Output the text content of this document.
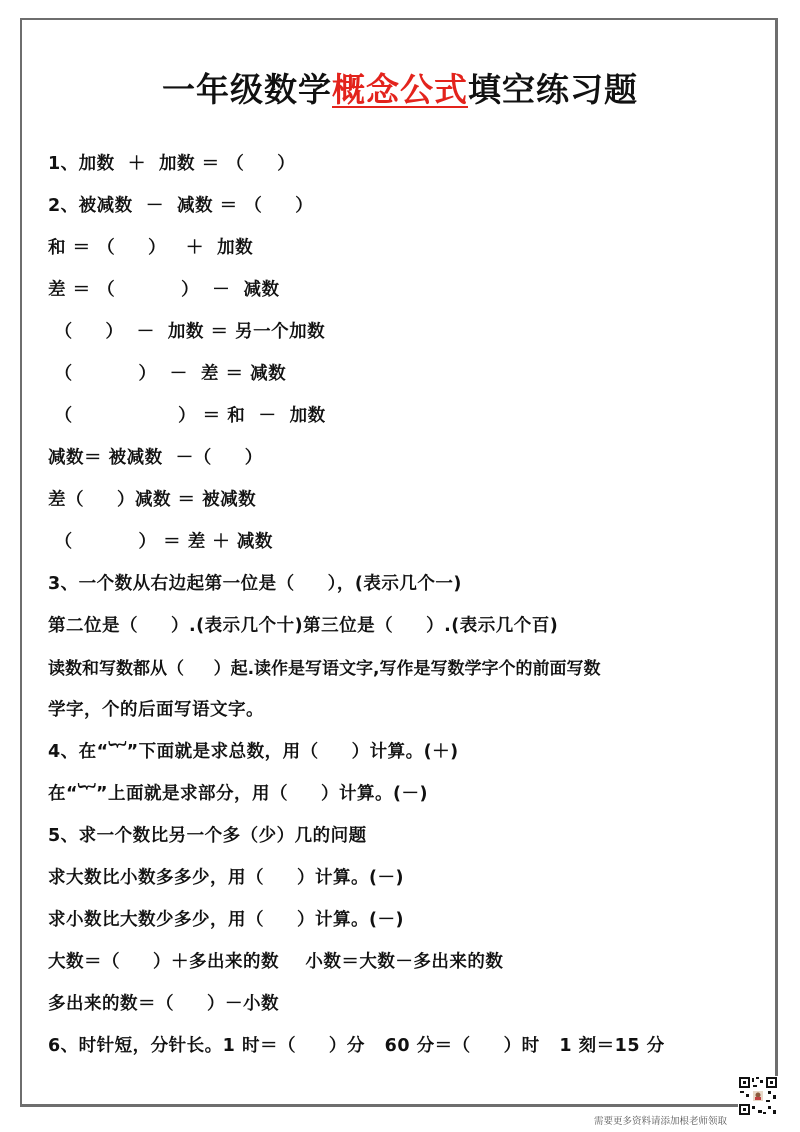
一年级数学概念公式填空练习题
1、加数  ＋  加数 ＝ （     ）
2、被减数  －  减数 ＝ （     ）
和 ＝ （     ）   ＋  加数
差 ＝ （          ）  －  减数
（     ）  －  加数 ＝ 另一个加数
（          ）  －  差 ＝ 减数
（                ） ＝ 和  －  加数
减数＝ 被减数  －（     ）
差（     ）减数 ＝ 被减数
（          ） ＝ 差 ＋ 减数
3、一个数从右边起第一位是（     ），(表示几个一)
第二位是（     ）.(表示几个十)第三位是（     ）.(表示几个百)
读数和写数都从（     ）起.读作是写语文字,写作是写数学字个的前面写数
学字，个的后面写语文字。
4、在“︸”下面就是求总数，用（     ）计算。(＋)
在“︸”上面就是求部分，用（     ）计算。(－)
5、求一个数比另一个多（少）几的问题
求大数比小数多多少，用（     ）计算。(－)
求小数比大数少多少，用（     ）计算。(－)
大数＝（     ）＋多出来的数    小数＝大数－多出来的数
多出来的数＝（     ）－小数
6、时针短，分针长。1 时＝（     ）分   60 分＝（     ）时   1 刻＝15 分
需要更多资料请添加根老师领取
